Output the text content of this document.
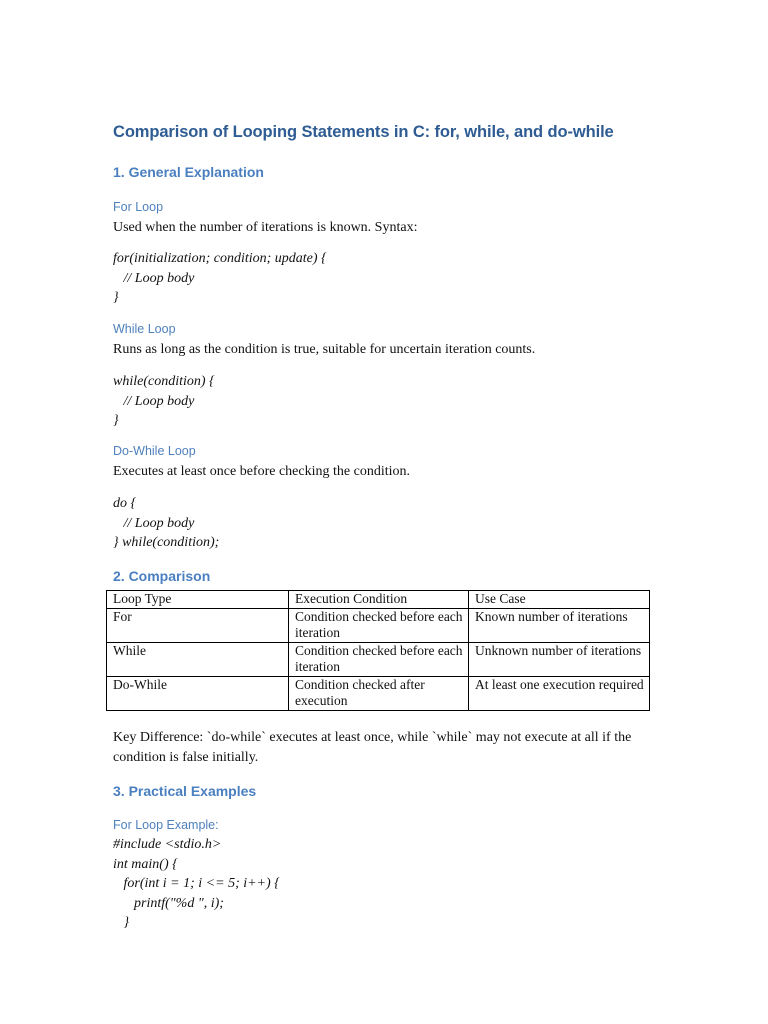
Comparison of Looping Statements in C: for, while, and do-while
1. General Explanation
For Loop
Used when the number of iterations is known. Syntax:
for(initialization; condition; update) {
// Loop body
}
While Loop
Runs as long as the condition is true, suitable for uncertain iteration counts.
while(condition) {
// Loop body
}
Do-While Loop
Executes at least once before checking the condition.
do {
// Loop body
} while(condition);
2. Comparison
Loop Type	Execution Condition	Use Case
For	Condition checked before each iteration	Known number of iterations
While	Condition checked before each iteration	Unknown number of iterations
Do-While	Condition checked after execution	At least one execution required
Key Difference: `do-while` executes at least once, while `while` may not execute at all if the condition is false initially.
3. Practical Examples
For Loop Example:
#include <stdio.h>
int main() {
for(int i = 1; i <= 5; i++) {
printf("%d ", i);
}
